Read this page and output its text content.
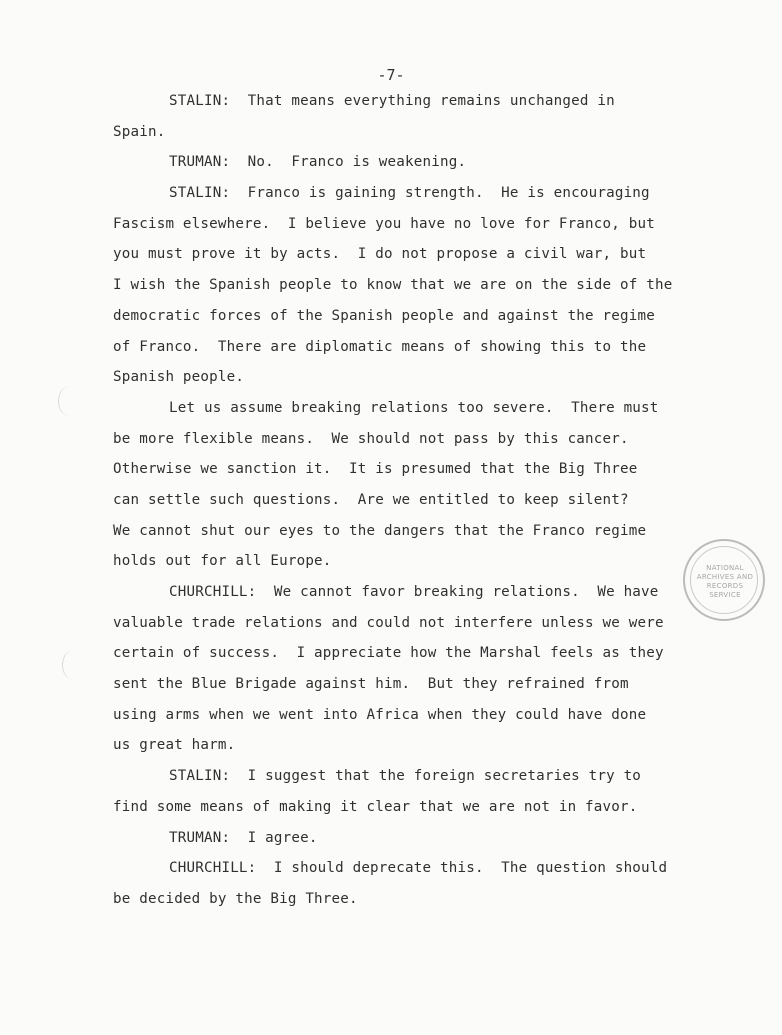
-7-
STALIN:  That means everything remains unchanged in
Spain.
TRUMAN:  No.  Franco is weakening.
STALIN:  Franco is gaining strength.  He is encouraging
Fascism elsewhere.  I believe you have no love for Franco, but
you must prove it by acts.  I do not propose a civil war, but
I wish the Spanish people to know that we are on the side of the
democratic forces of the Spanish people and against the regime
of Franco.  There are diplomatic means of showing this to the
Spanish people.
Let us assume breaking relations too severe.  There must
be more flexible means.  We should not pass by this cancer.
Otherwise we sanction it.  It is presumed that the Big Three
can settle such questions.  Are we entitled to keep silent?
We cannot shut our eyes to the dangers that the Franco regime
holds out for all Europe.
CHURCHILL:  We cannot favor breaking relations.  We have
valuable trade relations and could not interfere unless we were
certain of success.  I appreciate how the Marshal feels as they
sent the Blue Brigade against him.  But they refrained from
using arms when we went into Africa when they could have done
us great harm.
STALIN:  I suggest that the foreign secretaries try to
find some means of making it clear that we are not in favor.
TRUMAN:  I agree.
CHURCHILL:  I should deprecate this.  The question should
be decided by the Big Three.
NATIONAL
ARCHIVES AND
RECORDS
SERVICE
